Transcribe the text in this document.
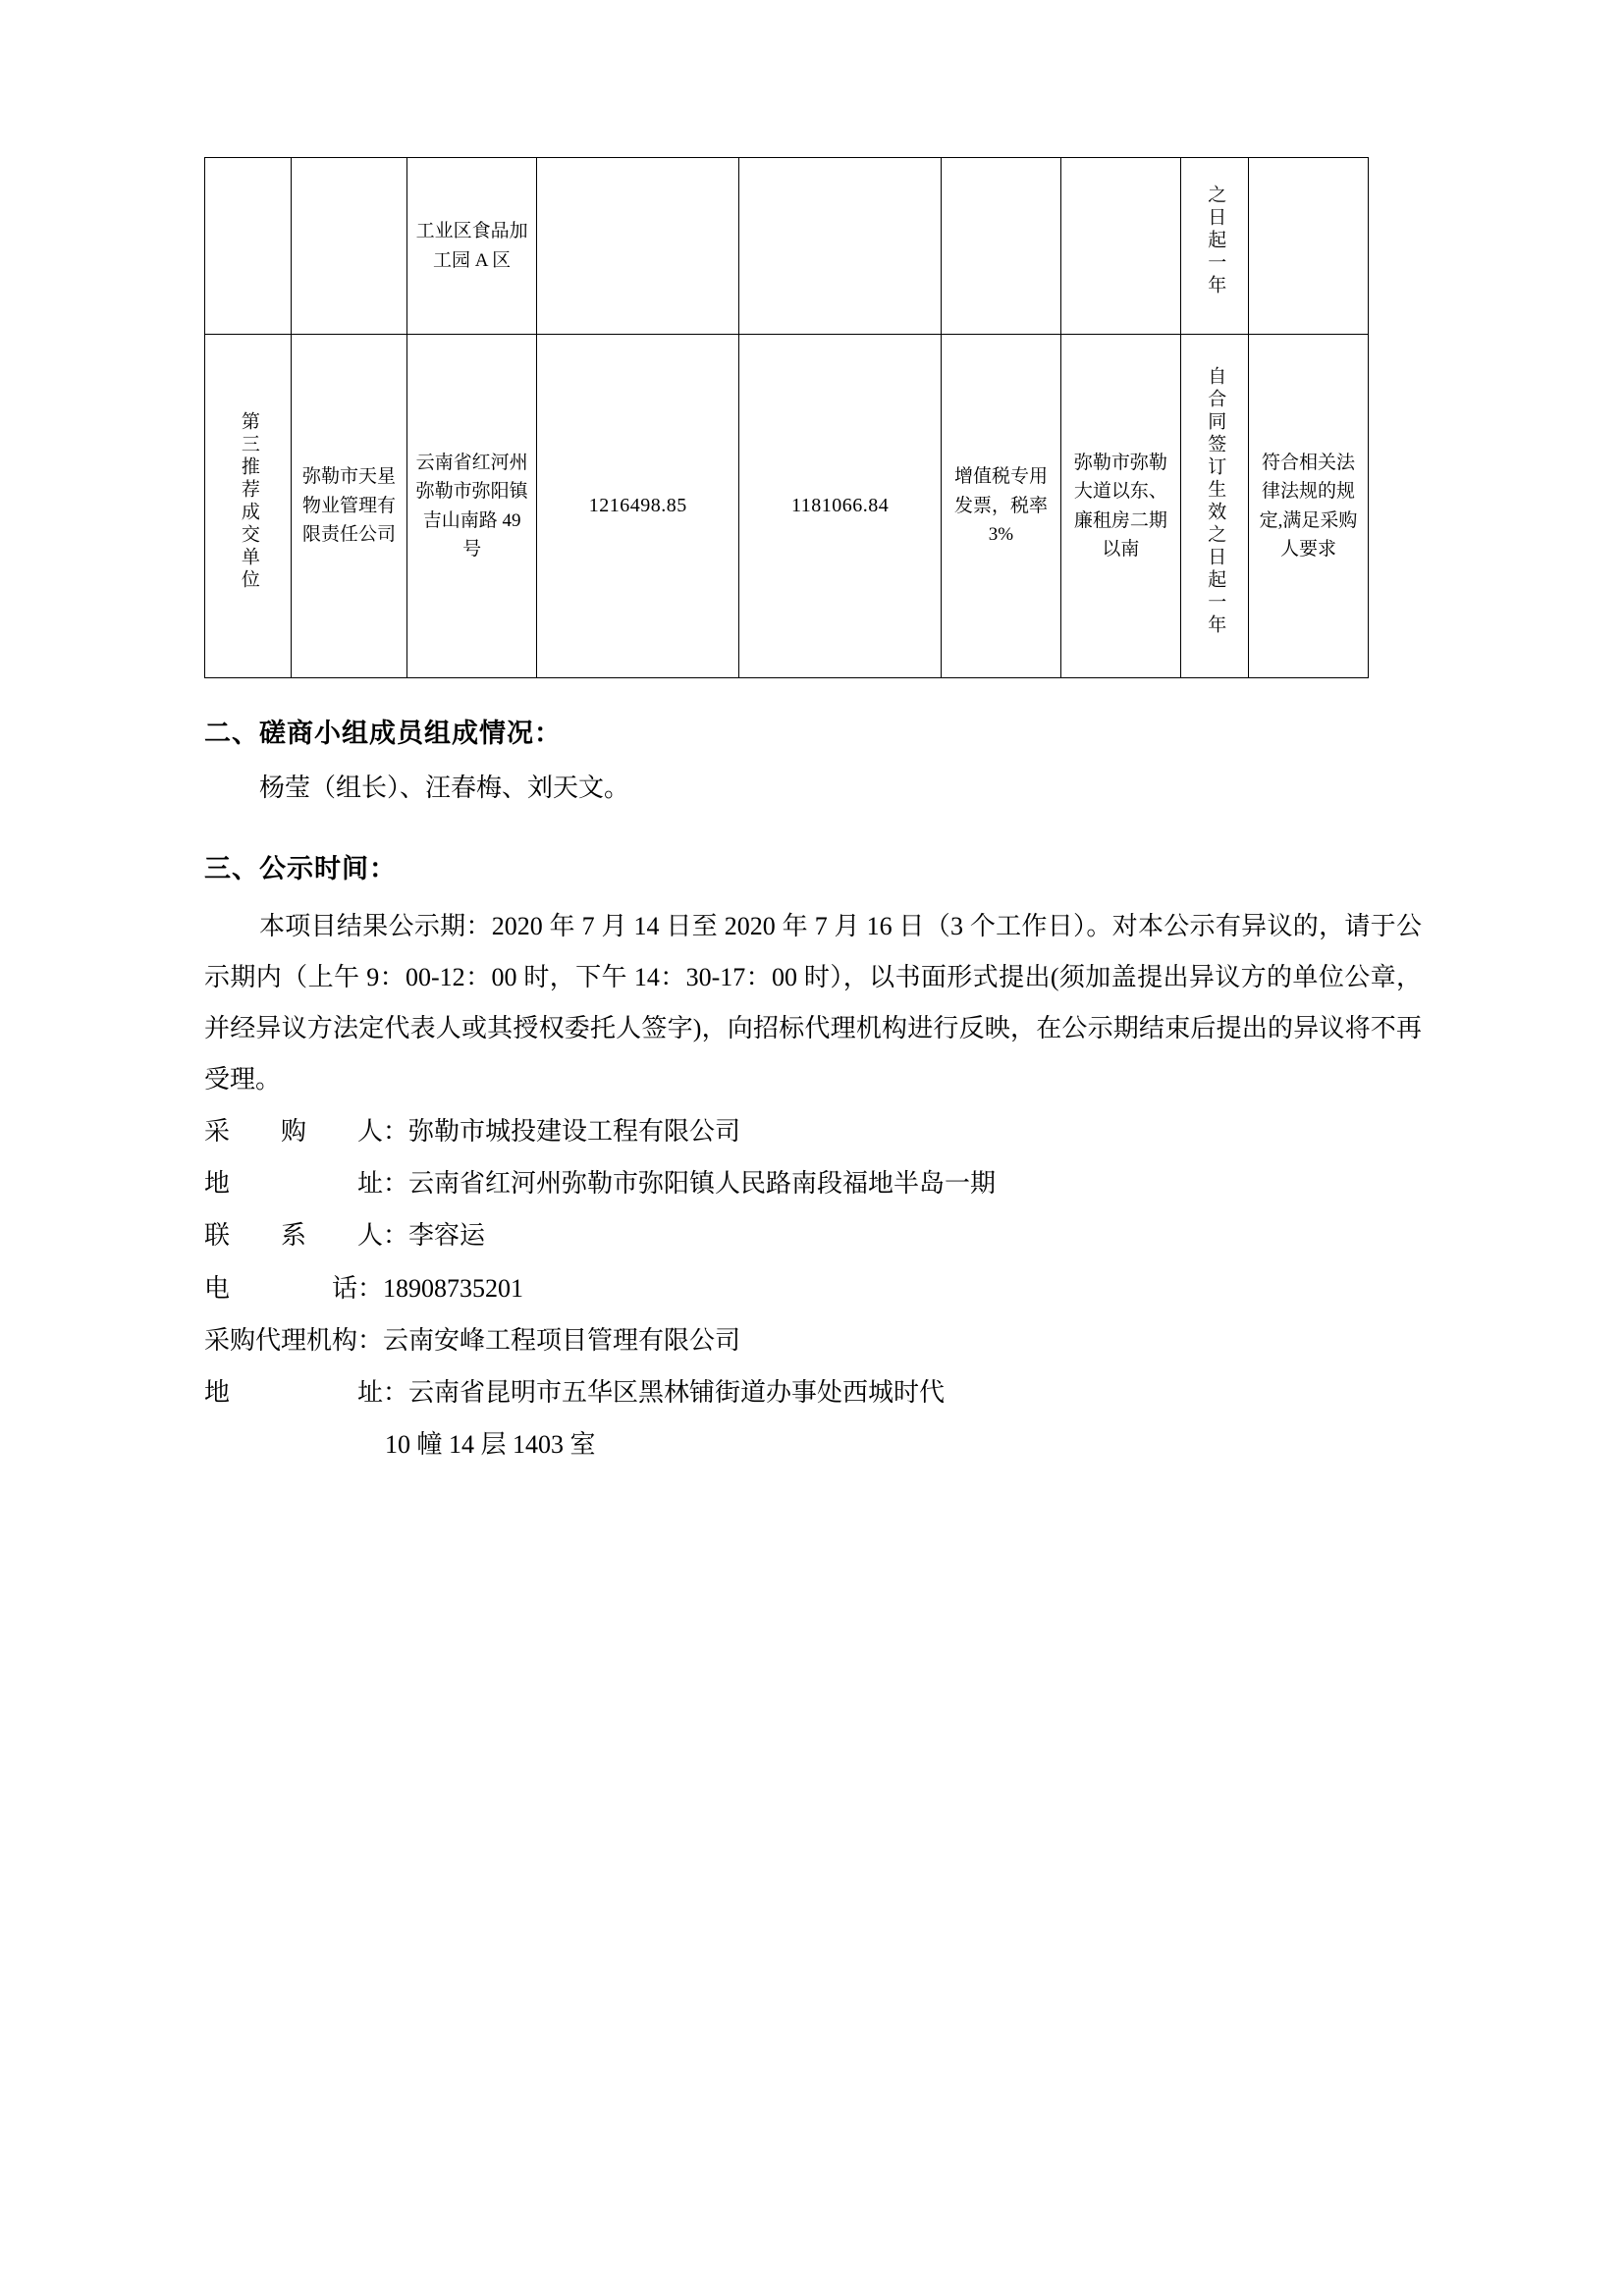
		工业区食品加工园 A 区					之日起一年	

第三推荐成交单位	弥勒市天星物业管理有限责任公司	云南省红河州弥勒市弥阳镇吉山南路 49 号	1216498.85	1181066.84	增值税专用发票，税率 3%	弥勒市弥勒大道以东、廉租房二期以南	自合同签订生效之日起一年	符合相关法律法规的规定,满足采购人要求
二、磋商小组成员组成情况：
杨莹（组长）、汪春梅、刘天文。
三、公示时间：
本项目结果公示期：2020 年 7 月 14 日至 2020 年 7 月 16 日（3 个工作日）。对本公示有异议的，请于公示期内（上午 9：00-12：00 时，下午 14：30-17：00 时），以书面形式提出(须加盖提出异议方的单位公章，并经异议方法定代表人或其授权委托人签字)，向招标代理机构进行反映，在公示期结束后提出的异议将不再受理。
采　　购　　人：弥勒市城投建设工程有限公司
地　　　　　址：云南省红河州弥勒市弥阳镇人民路南段福地半岛一期
联　　系　　人：李容运
电　　　　话：18908735201
采购代理机构：云南安峰工程项目管理有限公司
地　　　　　址：云南省昆明市五华区黑林铺街道办事处西城时代
10 幢 14 层 1403 室
